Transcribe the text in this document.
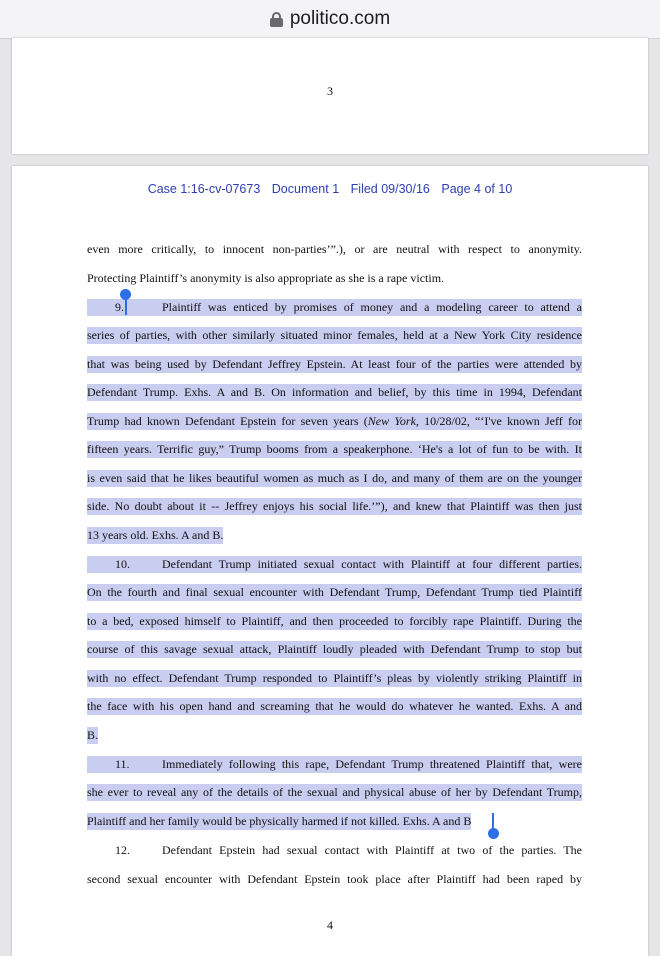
politico.com
3
Case 1:16-cv-07673 Document 1 Filed 09/30/16 Page 4 of 10
even more critically, to innocent non-parties’”.), or are neutral with respect to anonymity.
Protecting Plaintiff’s anonymity is also appropriate as she is a rape victim.
9.	Plaintiff was enticed by promises of money and a modeling career to attend a
series of parties, with other similarly situated minor females, held at a New York City residence
that was being used by Defendant Jeffrey Epstein. At least four of the parties were attended by
Defendant Trump. Exhs. A and B. On information and belief, by this time in 1994, Defendant
Trump had known Defendant Epstein for seven years (New York, 10/28/02, “‘I've known Jeff for
fifteen years. Terrific guy,” Trump booms from a speakerphone. ‘He's a lot of fun to be with. It
is even said that he likes beautiful women as much as I do, and many of them are on the younger
side. No doubt about it -- Jeffrey enjoys his social life.’”), and knew that Plaintiff was then just
13 years old. Exhs. A and B.
10.	Defendant Trump initiated sexual contact with Plaintiff at four different parties.
On the fourth and final sexual encounter with Defendant Trump, Defendant Trump tied Plaintiff
to a bed, exposed himself to Plaintiff, and then proceeded to forcibly rape Plaintiff. During the
course of this savage sexual attack, Plaintiff loudly pleaded with Defendant Trump to stop but
with no effect. Defendant Trump responded to Plaintiff’s pleas by violently striking Plaintiff in
the face with his open hand and screaming that he would do whatever he wanted. Exhs. A and
B.
11.	Immediately following this rape, Defendant Trump threatened Plaintiff that, were
she ever to reveal any of the details of the sexual and physical abuse of her by Defendant Trump,
Plaintiff and her family would be physically harmed if not killed. Exhs. A and B
12.	Defendant Epstein had sexual contact with Plaintiff at two of the parties. The
second sexual encounter with Defendant Epstein took place after Plaintiff had been raped by
4
